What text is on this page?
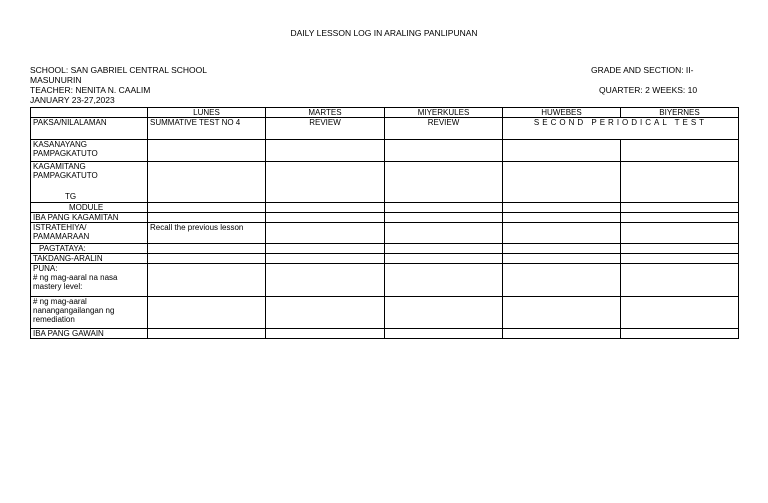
DAILY LESSON LOG IN ARALING PANLIPUNAN
SCHOOL: SAN GABRIEL CENTRAL SCHOOL
MASUNURIN
TEACHER: NENITA N. CAALIM
JANUARY 23-27,2023
GRADE AND SECTION: II-
QUARTER: 2 WEEKS: 10
	LUNES	MARTES	MIYERKULES	HUWEBES	BIYERNES
PAKSA/NILALAMAN	SUMMATIVE TEST NO 4	REVIEW	REVIEW	SECOND PERIODICAL TEST	

KASANAYANG
PAMPAGKATUTO					

KAGAMITANG
PAMPAGKATUTO
TG					

MODULE					
IBA PANG KAGAMITAN					

ISTRATEHIYA/
PAMAMARAAN	Recall the previous lesson				
PAGTATAYA:					
TAKDANG-ARALIN					

PUNA:
# ng mag-aaral na nasa
mastery level:					

# ng mag-aaral
nanangangailangan ng
remediation					

IBA PANG GAWAIN					
